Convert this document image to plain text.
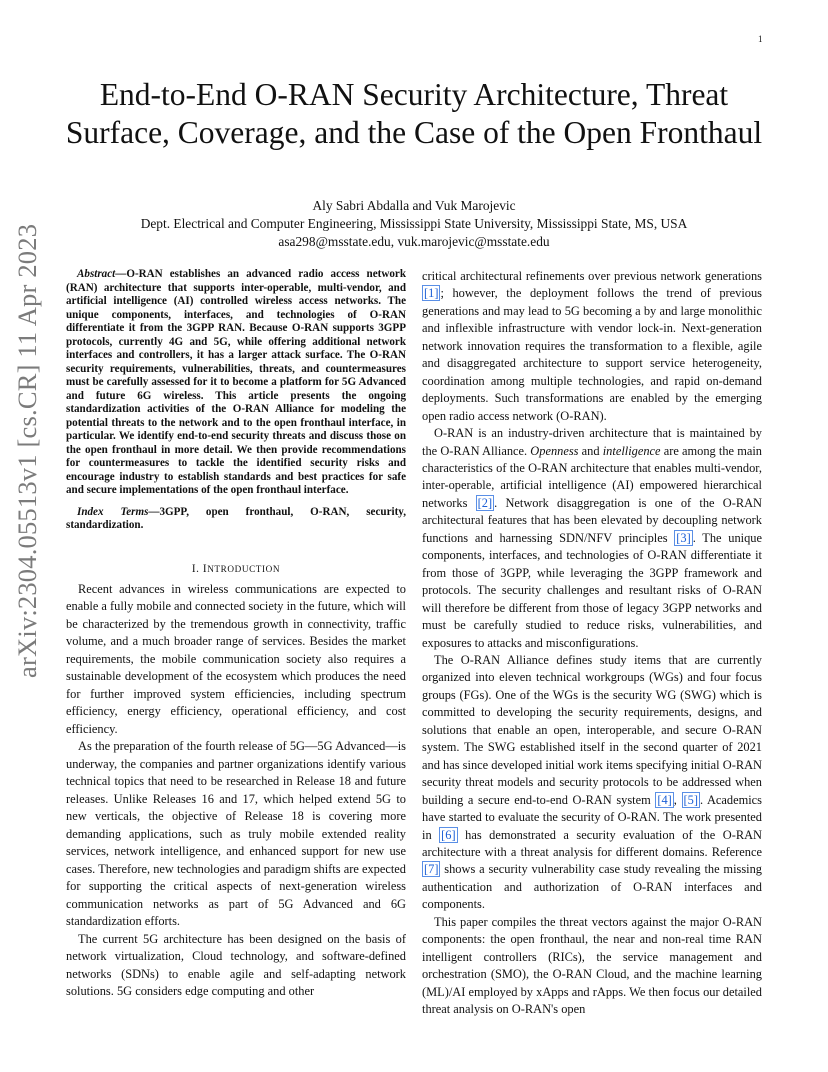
1
arXiv:2304.05513v1 [cs.CR] 11 Apr 2023
End-to-End O-RAN Security Architecture, Threat Surface, Coverage, and the Case of the Open Fronthaul
Aly Sabri Abdalla and Vuk Marojevic
Dept. Electrical and Computer Engineering, Mississippi State University, Mississippi State, MS, USA
asa298@msstate.edu, vuk.marojevic@msstate.edu

Abstract—O-RAN establishes an advanced radio access network (RAN) architecture that supports inter-operable, multi-vendor, and artificial intelligence (AI) controlled wireless access networks. The unique components, interfaces, and technologies of O-RAN differentiate it from the 3GPP RAN. Because O-RAN supports 3GPP protocols, currently 4G and 5G, while offering additional network interfaces and controllers, it has a larger attack surface. The O-RAN security requirements, vulnerabilities, threats, and countermeasures must be carefully assessed for it to become a platform for 5G Advanced and future 6G wireless. This article presents the ongoing standardization activities of the O-RAN Alliance for modeling the potential threats to the network and to the open fronthaul interface, in particular. We identify end-to-end security threats and discuss those on the open fronthaul in more detail. We then provide recommendations for countermeasures to tackle the identified security risks and encourage industry to establish standards and best practices for safe and secure implementations of the open fronthaul interface.

Index Terms—3GPP, open fronthaul, O-RAN, security, standardization.

I. INTRODUCTION

Recent advances in wireless communications are expected to enable a fully mobile and connected society in the future, which will be characterized by the tremendous growth in connectivity, traffic volume, and a much broader range of services. Besides the market requirements, the mobile communication society also requires a sustainable development of the ecosystem which produces the need for further improved system efficiencies, including spectrum efficiency, energy efficiency, operational efficiency, and cost efficiency.

As the preparation of the fourth release of 5G—5G Advanced—is underway, the companies and partner organizations identify various technical topics that need to be researched in Release 18 and future releases. Unlike Releases 16 and 17, which helped extend 5G to new verticals, the objective of Release 18 is covering more demanding applications, such as truly mobile extended reality services, network intelligence, and enhanced support for new use cases. Therefore, new technologies and paradigm shifts are expected for supporting the critical aspects of next-generation wireless communication networks as part of 5G Advanced and 6G standardization efforts.

The current 5G architecture has been designed on the basis of network virtualization, Cloud technology, and software-defined networks (SDNs) to enable agile and self-adapting network solutions. 5G considers edge computing and other

critical architectural refinements over previous network generations [1] ; however, the deployment follows the trend of previous generations and may lead to 5G becoming a by and large monolithic and inflexible infrastructure with vendor lock-in. Next-generation network innovation requires the transformation to a flexible, agile and disaggregated architecture to support service heterogeneity, coordination among multiple technologies, and rapid on-demand deployments. Such transformations are enabled by the emerging open radio access network (O-RAN).

O-RAN is an industry-driven architecture that is maintained by the O-RAN Alliance. Openness and intelligence are among the main characteristics of the O-RAN architecture that enables multi-vendor, inter-operable, artificial intelligence (AI) empowered hierarchical networks [2] . Network disaggregation is one of the O-RAN architectural features that has been elevated by decoupling network functions and harnessing SDN/NFV principles [3] . The unique components, interfaces, and technologies of O-RAN differentiate it from those of 3GPP, while leveraging the 3GPP framework and protocols. The security challenges and resultant risks of O-RAN will therefore be different from those of legacy 3GPP networks and must be carefully studied to reduce risks, vulnerabilities, and exposures to attacks and misconfigurations.

The O-RAN Alliance defines study items that are currently organized into eleven technical workgroups (WGs) and four focus groups (FGs). One of the WGs is the security WG (SWG) which is committed to developing the security requirements, designs, and solutions that enable an open, interoperable, and secure O-RAN system. The SWG established itself in the second quarter of 2021 and has since developed initial work items specifying initial O-RAN security threat models and security protocols to be addressed when building a secure end-to-end O-RAN system [4] , [5] . Academics have started to evaluate the security of O-RAN. The work presented in [6] has demonstrated a security evaluation of the O-RAN architecture with a threat analysis for different domains. Reference [7] shows a security vulnerability case study revealing the missing authentication and authorization of O-RAN interfaces and components.

This paper compiles the threat vectors against the major O-RAN components: the open fronthaul, the near and non-real time RAN intelligent controllers (RICs), the service management and orchestration (SMO), the O-RAN Cloud, and the machine learning (ML)/AI employed by xApps and rApps. We then focus our detailed threat analysis on O-RAN's open
